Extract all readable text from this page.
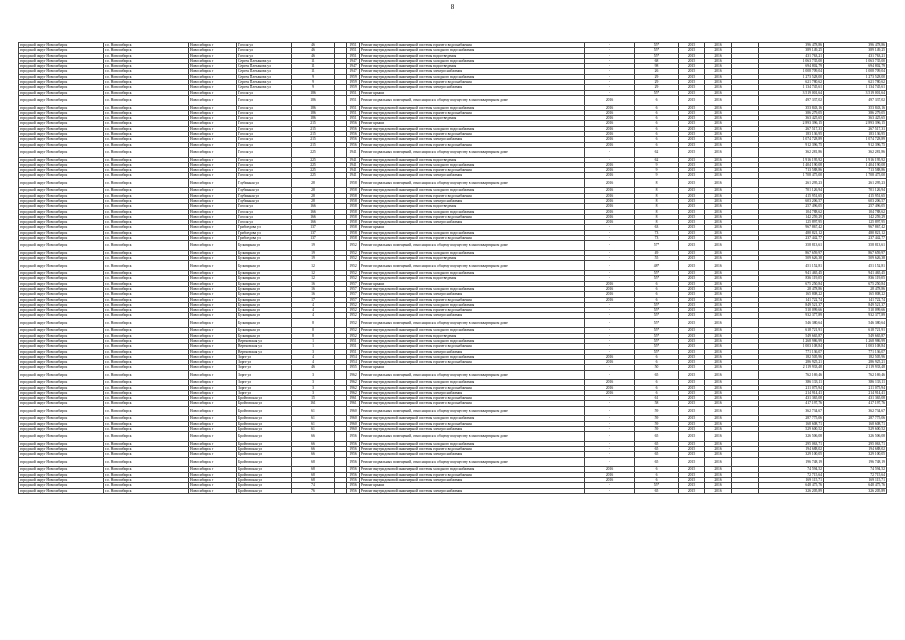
8
городской округ Новосибирск	г.о. Новосибирск	Новосибирск г	Гоголя ул	46		1951	Ремонт внутридомовой инженерной системы горячего водоснабжения	-	55*	2015	2016		396 478,86	396 478,86
городской округ Новосибирск	г.о. Новосибирск	Новосибирск г	Гоголя ул	46		1951	Ремонт внутридомовой инженерной системы холодного водоснабжения	-	55*	2015	2016		389 149,25	389 149,25
городской округ Новосибирск	г.о. Новосибирск	Новосибирск г	Гоголя ул	46		1951	Ремонт внутридомовой инженерной системы водоотведения	-	55*	2015	2016		431 763,21	431 763,21
городской округ Новосибирск	г.о. Новосибирск	Новосибирск г	Сергея Плеханова ул	11		1947	Ремонт внутридомовой инженерной системы холодного водоснабжения	-	68	2015	2016		1 063 735,00	1 063 735,00
городской округ Новосибирск	г.о. Новосибирск	Новосибирск г	Сергея Плеханова ул	11		1947	Ремонт внутридомовой инженерной системы водоотведения	-	98	2015	2016		694 802,79	694 802,79
городской округ Новосибирск	г.о. Новосибирск	Новосибирск г	Сергея Плеханова ул	11		1947	Ремонт внутридомовой инженерной системы электроснабжения	-	26	2015	2016		1 008 709,04	1 008 709,04
городской округ Новосибирск	г.о. Новосибирск	Новосибирск г	Сергея Плеханова ул	9		1959	Ремонт внутридомовой инженерной системы холодного водоснабжения	-	29	2015	2016		1 273 528,00	1 273 528,00
городской округ Новосибирск	г.о. Новосибирск	Новосибирск г	Сергея Плеханова ул	9		1959	Ремонт внутридомовой инженерной системы горячего водоснабжения	-	29	2015	2016		621 780,62	621 780,62
городской округ Новосибирск	г.о. Новосибирск	Новосибирск г	Сергея Плеханова ул	9		1959	Ремонт внутридомовой инженерной системы электроснабжения	-	29	2015	2016		1 134 745,61	1 134 745,61
городской округ Новосибирск	г.о. Новосибирск	Новосибирск г	Гоголя ул	186		1951	Ремонт крыши	-	55*	2015	2016		3 519 001,64	3 519 001,64
городской округ Новосибирск	г.о. Новосибирск	Новосибирск г	Гоголя ул	186		1951	Ремонт подвальных помещений, относящихся к общему имуществу в многоквартирном доме	2016	6	2015	2016		497 337,02	497 337,02
городской округ Новосибирск	г.о. Новосибирск	Новосибирск г	Гоголя ул	186		1951	Ремонт внутридомовой инженерной системы холодного водоснабжения	2016	6	2015	2016		353 843,16	353 843,16
городской округ Новосибирск	г.о. Новосибирск	Новосибирск г	Гоголя ул	186		1951	Ремонт внутридомовой инженерной системы горячего водоснабжения	2016	6	2015	2016		386 279,05	386 279,05
городской округ Новосибирск	г.о. Новосибирск	Новосибирск г	Гоголя ул	186		1951	Ремонт внутридомовой инженерной системы водоотведения	2016	6	2015	2016		363 425,65	363 425,65
городской округ Новосибирск	г.о. Новосибирск	Новосибирск г	Гоголя ул	215		1956	Ремонт крыши	2016	6	2015	2016		2 893 396,15	2 893 396,15
городской округ Новосибирск	г.о. Новосибирск	Новосибирск г	Гоголя ул	215		1956	Ремонт внутридомовой инженерной системы холодного водоснабжения	2016	6	2015	2016		267 517,31	267 517,31
городской округ Новосибирск	г.о. Новосибирск	Новосибирск г	Гоголя ул	215		1956	Ремонт внутридомовой инженерной системы горячего водоснабжения	2016	6	2015	2016		183 136,95	183 136,95
городской округ Новосибирск	г.о. Новосибирск	Новосибирск г	Гоголя ул	215		1956	Ремонт внутридомовой инженерной системы электроснабжения	2016	6	2015	2016		1 074 728,89	1 074 728,89
городской округ Новосибирск	г.о. Новосибирск	Новосибирск г	Гоголя ул	215		1956	Ремонт внутридомовой инженерной системы горячего водоснабжения	2016	6	2015	2016		912 396,75	912 396,75
городской округ Новосибирск	г.о. Новосибирск	Новосибирск г	Гоголя ул	225		1941	Ремонт подвальных помещений, относящихся к общему имуществу в многоквартирном доме	-	62	2015	2016		362 281,86	362 281,86
городской округ Новосибирск	г.о. Новосибирск	Новосибирск г	Гоголя ул	225		1941	Ремонт внутридомовой инженерной системы водоотведения	-	62	2015	2016		1 916 195,92	1 916 195,92
городской округ Новосибирск	г.о. Новосибирск	Новосибирск г	Гоголя ул	225		1941	Ремонт внутридомовой инженерной системы холодного водоснабжения	2016	9	2015	2016		1 404 190,08	1 404 190,08
городской округ Новосибирск	г.о. Новосибирск	Новосибирск г	Гоголя ул	225		1941	Ремонт внутридомовой инженерной системы горячего водоснабжения	2016	9	2015	2016		713 588,86	713 588,86
городской округ Новосибирск	г.о. Новосибирск	Новосибирск г	Гоголя ул	225		1941	Ремонт внутридомовой инженерной системы электроснабжения	2016	9	2015	2016		1 708 475,00	1 708 475,00
городской округ Новосибирск	г.о. Новосибирск	Новосибирск г	Глубинная ул	28		1958	Ремонт подвальных помещений, относящихся к общему имуществу в многоквартирном доме	2016	8	2015	2016		261 295,23	261 295,23
городской округ Новосибирск	г.о. Новосибирск	Новосибирск г	Глубинная ул	28		1958	Ремонт внутридомовой инженерной системы холодного водоснабжения	2016	8	2015	2016		701 126,94	701 126,94
городской округ Новосибирск	г.о. Новосибирск	Новосибирск г	Глубинная ул	28		1958	Ремонт внутридомовой инженерной системы горячего водоснабжения	2016	8	2015	2016		415 951,65	415 951,65
городской округ Новосибирск	г.о. Новосибирск	Новосибирск г	Глубинная ул	28		1958	Ремонт внутридомовой инженерной системы электроснабжения	2016	8	2015	2016		603 206,57	603 206,57
городской округ Новосибирск	г.о. Новосибирск	Новосибирск г	Гоголя ул	166		1958	Ремонт внутридомовой инженерной системы водоотведения	2016	8	2015	2016		257 496,05	257 496,05
городской округ Новосибирск	г.о. Новосибирск	Новосибирск г	Гоголя ул	166		1958	Ремонт внутридомовой инженерной системы холодного водоснабжения	2016	8	2015	2016		104 788,62	104 788,62
городской округ Новосибирск	г.о. Новосибирск	Новосибирск г	Гоголя ул	166		1958	Ремонт внутридомовой инженерной системы горячего водоснабжения	2016	8	2015	2016		142 259,29	142 259,29
городской округ Новосибирск	г.о. Новосибирск	Новосибирск г	Гоголя ул	166		1958	Ремонт внутридомовой инженерной системы электроснабжения	2016	8	2015	2016		125 897,95	125 897,95
городской округ Новосибирск	г.о. Новосибирск	Новосибирск г	Грибоедова ул	137		1958	Ремонт крыши	-	63	2015	2016		967 867,42	967 867,42
городской округ Новосибирск	г.о. Новосибирск	Новосибирск г	Грибоедова ул	137		1958	Ремонт внутридомовой инженерной системы холодного водоснабжения	-	73	2015	2016		480 821,12	480 821,12
городской округ Новосибирск	г.о. Новосибирск	Новосибирск г	Грибоедова ул	137		1958	Ремонт внутридомовой инженерной системы горячего водоснабжения	-	73	2015	2016		237 442,77	237 442,77
городской округ Новосибирск	г.о. Новосибирск	Новосибирск г	Бульварная ул	19		1952	Ремонт подвальных помещений, относящихся к общему имуществу в многоквартирном доме	-	57*	2015	2016		358 813,61	358 813,61
городской округ Новосибирск	г.о. Новосибирск	Новосибирск г	Бульварная ул	19		1952	Ремонт внутридомовой инженерной системы холодного водоснабжения	-	49	2015	2016		867 659,97	867 659,97
городской округ Новосибирск	г.о. Новосибирск	Новосибирск г	Бульварная ул	19		1952	Ремонт внутридомовой инженерной системы водоотведения	-	55	2015	2016		509 626,38	509 626,38
городской округ Новосибирск	г.о. Новосибирск	Новосибирск г	Бульварная ул	12		1952	Ремонт подвальных помещений, относящихся к общему имуществу в многоквартирном доме	-	48*	2015	2016		451 152,81	451 152,81
городской округ Новосибирск	г.о. Новосибирск	Новосибирск г	Бульварная ул	12		1952	Ремонт внутридомовой инженерной системы холодного водоснабжения	-	55*	2015	2016		941 465,45	941 465,45
городской округ Новосибирск	г.о. Новосибирск	Новосибирск г	Бульварная ул	12		1952	Ремонт внутридомовой инженерной системы водоотведения	-	55*	2015	2016		836 119,05	836 119,05
городской округ Новосибирск	г.о. Новосибирск	Новосибирск г	Бульварная ул	16		1957	Ремонт крыши	2016	6	2015	2016		675 250,84	675 250,84
городской округ Новосибирск	г.о. Новосибирск	Новосибирск г	Бульварная ул	16		1957	Ремонт внутридомовой инженерной системы холодного водоснабжения	2016	6	2015	2016		28 478,86	28 478,86
городской округ Новосибирск	г.о. Новосибирск	Новосибирск г	Бульварная ул	16		1957	Ремонт внутридомовой инженерной системы электроснабжения	2016	6	2015	2016		165 808,22	165 808,22
городской округ Новосибирск	г.о. Новосибирск	Новосибирск г	Бульварная ул	17		1957	Ремонт внутридомовой инженерной системы горячего водоснабжения	2016	6	2015	2016		141 722,74	141 722,74
городской округ Новосибирск	г.о. Новосибирск	Новосибирск г	Бульварная ул	4		1952	Ремонт внутридомовой инженерной системы холодного водоснабжения	-	55*	2015	2016		849 521,37	849 521,37
городской округ Новосибирск	г.о. Новосибирск	Новосибирск г	Бульварная ул	4		1952	Ремонт внутридомовой инженерной системы горячего водоснабжения	-	55*	2015	2016		510 099,66	510 099,66
городской округ Новосибирск	г.о. Новосибирск	Новосибирск г	Бульварная ул	4		1952	Ремонт внутридомовой инженерной системы электроснабжения	-	55*	2015	2016		932 377,89	932 377,89
городской округ Новосибирск	г.о. Новосибирск	Новосибирск г	Бульварная ул	8		1952	Ремонт подвальных помещений, относящихся к общему имуществу в многоквартирном доме	-	55*	2015	2016		546 380,64	546 380,64
городской округ Новосибирск	г.о. Новосибирск	Новосибирск г	Бульварная ул	8		1952	Ремонт внутридомовой инженерной системы холодного водоснабжения	-	55*	2015	2016		618 721,91	618 721,91
городской округ Новосибирск	г.о. Новосибирск	Новосибирск г	Бульварная ул	8		1952	Ремонт внутридомовой инженерной системы водоотведения	-	55*	2015	2016		549 665,87	549 665,87
городской округ Новосибирск	г.о. Новосибирск	Новосибирск г	Вертковская ул	1		1951	Ремонт внутридомовой инженерной системы холодного водоснабжения	-	55*	2015	2016		1 268 986,99	1 268 986,99
городской округ Новосибирск	г.о. Новосибирск	Новосибирск г	Вертковская ул	1		1951	Ремонт внутридомовой инженерной системы горячего водоснабжения	-	55*	2015	2016		1 003 108,84	1 003 108,84
городской округ Новосибирск	г.о. Новосибирск	Новосибирск г	Вертковская ул	3		1951	Ремонт внутридомовой инженерной системы электроснабжения	-	55*	2015	2016		771 136,07	771 136,07
городской округ Новосибирск	г.о. Новосибирск	Новосибирск г	Зорге ул	4		1954	Ремонт внутридомовой инженерной системы холодного водоснабжения	2016	6	2015	2016		182 505,96	182 505,96
городской округ Новосибирск	г.о. Новосибирск	Новосибирск г	Зорге ул	4		1954	Ремонт внутридомовой инженерной системы горячего водоснабжения	2016	6	2015	2016		286 925,21	286 925,21
городской округ Новосибирск	г.о. Новосибирск	Новосибирск г	Зорге ул	46		1955	Ремонт крыши	-	50	2015	2016		2 119 933,48	2 119 933,48
городской округ Новосибирск	г.о. Новосибирск	Новосибирск г	Зорге ул	3		1962	Ремонт подвальных помещений, относящихся к общему имуществу в многоквартирном доме	-	65	2015	2016		762 169,46	762 169,46
городской округ Новосибирск	г.о. Новосибирск	Новосибирск г	Зорге ул	3		1962	Ремонт внутридомовой инженерной системы холодного водоснабжения	2016	6	2015	2016		386 133,11	386 133,11
городской округ Новосибирск	г.о. Новосибирск	Новосибирск г	Зорге ул	3		1962	Ремонт внутридомовой инженерной системы горячего водоснабжения	2016	6	2015	2016		211 075,94	211 075,94
городской округ Новосибирск	г.о. Новосибирск	Новосибирск г	Зорге ул	3		1962	Ремонт внутридомовой инженерной системы электроснабжения	2016	6	2015	2016		214 914,41	214 914,41
городской округ Новосибирск	г.о. Новосибирск	Новосибирск г	Бройтовская ул	15		1961	Ремонт внутридомовой инженерной системы горячего водоснабжения	-	61	2015	2016		431 365,08	431 365,08
городской округ Новосибирск	г.о. Новосибирск	Новосибирск г	Бройтовская ул	161		1961	Ремонт внутридомовой инженерной системы горячего водоснабжения	-	58	2015	2016		417 197,76	417 197,76
городской округ Новосибирск	г.о. Новосибирск	Новосибирск г	Бройтовская ул	61		1960	Ремонт подвальных помещений, относящихся к общему имуществу в многоквартирном доме	-	59	2015	2016		362 734,67	362 734,67
городской округ Новосибирск	г.о. Новосибирск	Новосибирск г	Бройтовская ул	61		1960	Ремонт внутридомовой инженерной системы холодного водоснабжения	-	59	2015	2016		287 775,06	287 775,06
городской округ Новосибирск	г.о. Новосибирск	Новосибирск г	Бройтовская ул	61		1960	Ремонт внутридомовой инженерной системы горячего водоснабжения	-	59	2015	2016		168 608,71	168 608,71
городской округ Новосибирск	г.о. Новосибирск	Новосибирск г	Бройтовская ул	61		1960	Ремонт внутридомовой инженерной системы электроснабжения	-	59	2015	2016		529 600,52	529 600,52
городской округ Новосибирск	г.о. Новосибирск	Новосибирск г	Бройтовская ул	66		1956	Ремонт подвальных помещений, относящихся к общему имуществу в многоквартирном доме	-	65	2015	2016		326 506,08	326 506,08
городской округ Новосибирск	г.о. Новосибирск	Новосибирск г	Бройтовская ул	66		1956	Ремонт внутридомовой инженерной системы холодного водоснабжения	-	65	2015	2016		295 063,71	295 063,71
городской округ Новосибирск	г.о. Новосибирск	Новосибирск г	Бройтовская ул	66		1956	Ремонт внутридомовой инженерной системы горячего водоснабжения	-	65	2015	2016		194 688,02	194 688,02
городской округ Новосибирск	г.о. Новосибирск	Новосибирск г	Бройтовская ул	66		1956	Ремонт внутридомовой инженерной системы электроснабжения	-	65	2015	2016		329 100,05	329 100,05
городской округ Новосибирск	г.о. Новосибирск	Новосибирск г	Бройтовская ул	68		1956	Ремонт подвальных помещений, относящихся к общему имуществу в многоквартирном доме	-	65	2015	2016		196 748,19	196 748,19
городской округ Новосибирск	г.о. Новосибирск	Новосибирск г	Бройтовская ул	68		1956	Ремонт внутридомовой инженерной системы холодного водоснабжения	2016	6	2015	2016		74 594,52	74 594,52
городской округ Новосибирск	г.о. Новосибирск	Новосибирск г	Бройтовская ул	68		1956	Ремонт внутридомовой инженерной системы горячего водоснабжения	2016	6	2015	2016		72 715,64	72 715,64
городской округ Новосибирск	г.о. Новосибирск	Новосибирск г	Бройтовская ул	68		1956	Ремонт внутридомовой инженерной системы электроснабжения	2016	6	2015	2016		169 115,71	169 115,71
городской округ Новосибирск	г.о. Новосибирск	Новосибирск г	Бройтовская ул	74		1956	Ремонт крыши	-	55*	2015	2016		648 475,76	648 475,76
городской округ Новосибирск	г.о. Новосибирск	Новосибирск г	Бройтовская ул	76		1956	Ремонт внутридомовой инженерной системы электроснабжения	-	65	2015	2016		326 205,89	326 205,89
